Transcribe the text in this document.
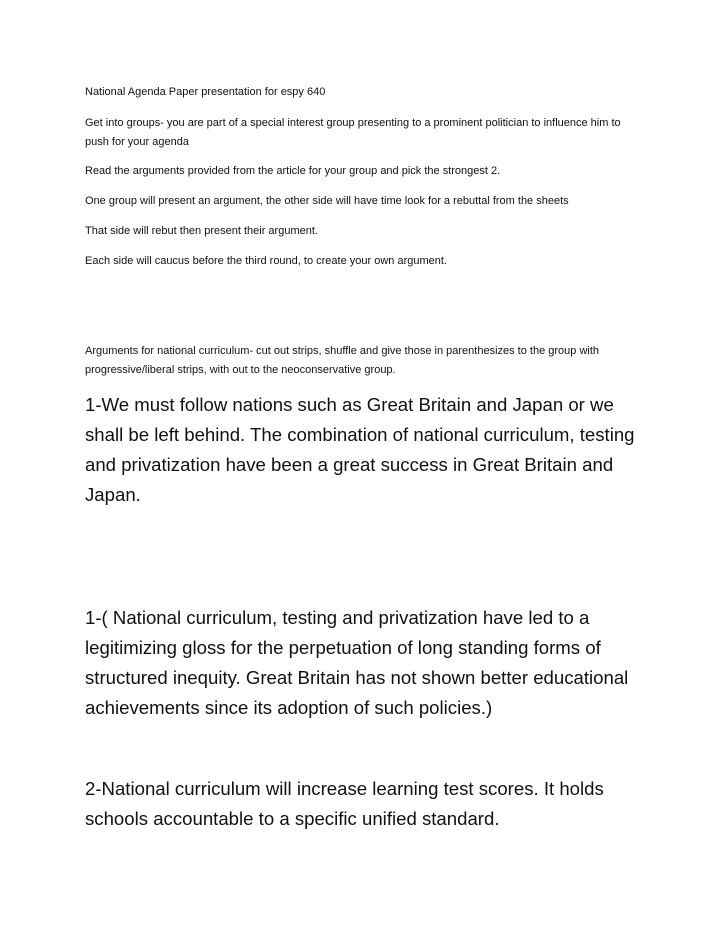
National Agenda Paper presentation for espy 640

Get into groups- you are part of a special interest group presenting to a prominent politician to influence him to push for your agenda

Read the arguments provided from the article for your group and pick the strongest 2.

One group will present an argument, the other side will have time look for a rebuttal from the sheets

That side will rebut then present their argument.

Each side will caucus before the third round, to create your own argument.

Arguments for national curriculum- cut out strips, shuffle and give those in parenthesizes to the group with progressive/liberal strips, with out to the neoconservative group.

1-We must follow nations such as Great Britain and Japan or we shall be left behind. The combination of national curriculum, testing and privatization have been a great success in Great Britain and Japan.

1-( National curriculum, testing and privatization have led to a legitimizing gloss for the perpetuation of long standing forms of structured inequity. Great Britain has not shown better educational achievements since its adoption of such policies.)

2-National curriculum will increase learning test scores. It holds schools accountable to a specific unified standard.
